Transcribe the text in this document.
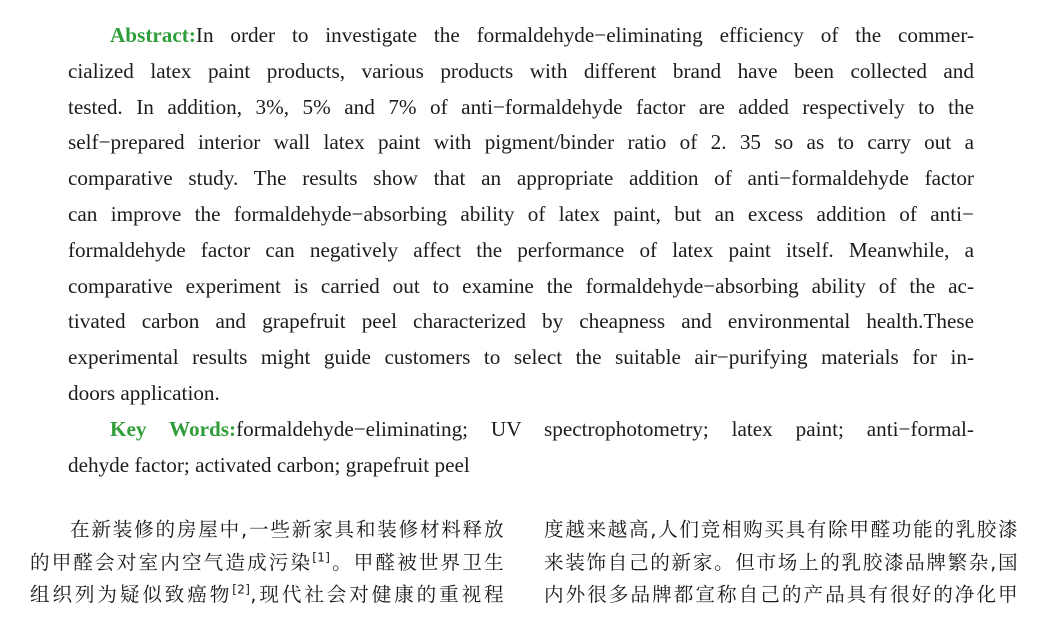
Abstract:In order to investigate the formaldehyde−eliminating efficiency of the commer-
cialized latex paint products, various products with different brand have been collected and
tested. In addition, 3%, 5% and 7% of anti−formaldehyde factor are added respectively to the
self−prepared interior wall latex paint with pigment/binder ratio of 2. 35 so as to carry out a
comparative study. The results show that an appropriate addition of anti−formaldehyde factor
can improve the formaldehyde−absorbing ability of latex paint, but an excess addition of anti−
formaldehyde factor can negatively affect the performance of latex paint itself. Meanwhile, a
comparative experiment is carried out to examine the formaldehyde−absorbing ability of the ac-
tivated carbon and grapefruit peel characterized by cheapness and environmental health.These
experimental results might guide customers to select the suitable air−purifying materials for in-
doors application.
Key Words:formaldehyde−eliminating; UV spectrophotometry; latex paint; anti−formal-
dehyde factor; activated carbon; grapefruit peel
在新装修的房屋中,一些新家具和装修材料释放
的甲醛会对室内空气造成污染[1]。甲醛被世界卫生
组织列为疑似致癌物[2],现代社会对健康的重视程
度越来越高,人们竞相购买具有除甲醛功能的乳胶漆
来装饰自己的新家。但市场上的乳胶漆品牌繁杂,国
内外很多品牌都宣称自己的产品具有很好的净化甲
